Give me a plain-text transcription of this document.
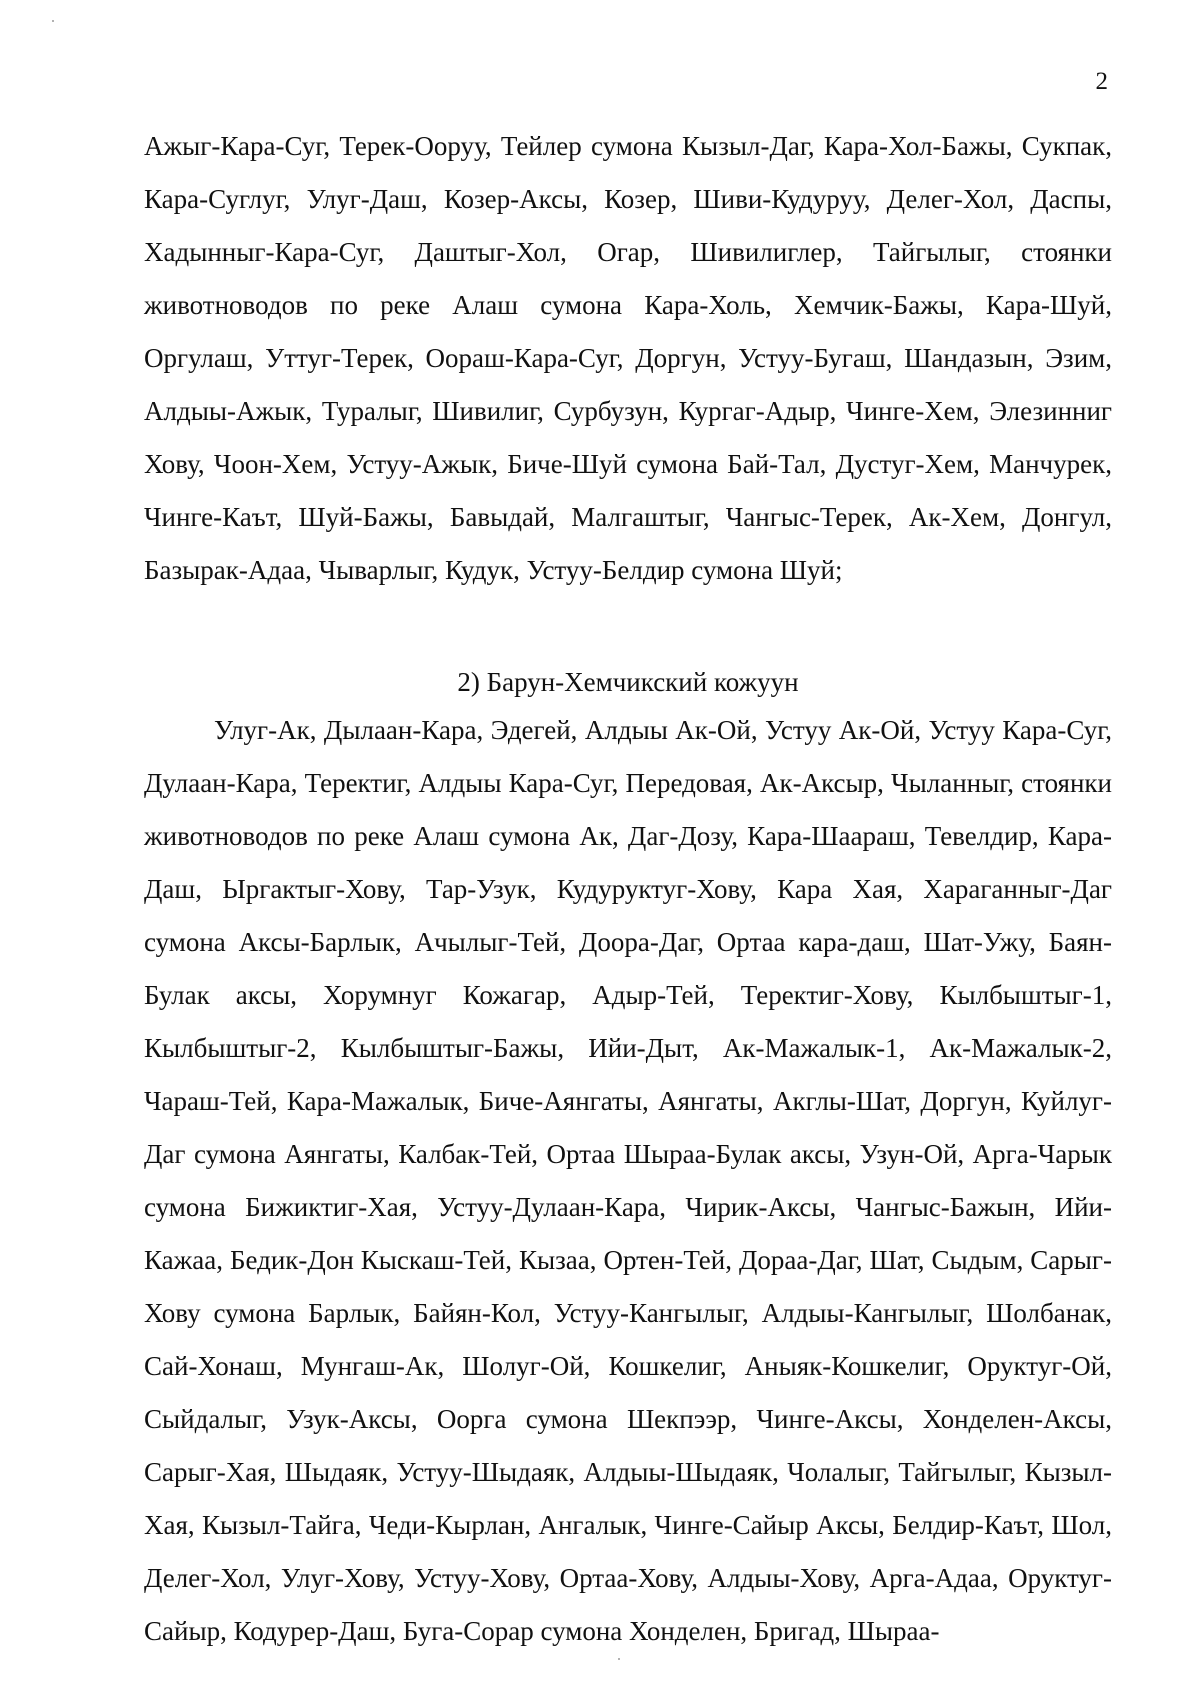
2

Ажыг-Кара-Суг, Терек-Ооруу, Тейлер сумона Кызыл-Даг, Кара-Хол-Бажы, Сукпак, Кара-Суглуг, Улуг-Даш, Козер-Аксы, Козер, Шиви-Кудуруу, Делег-Хол, Даспы, Хадынныг-Кара-Суг, Даштыг-Хол, Огар, Шивилиглер, Тайгылыг, стоянки животноводов по реке Алаш сумона Кара-Холь, Хемчик-Бажы, Кара-Шуй, Оргулаш, Уттуг-Терек, Оораш-Кара-Суг, Доргун, Устуу-Бугаш, Шандазын, Эзим, Алдыы-Ажык, Туралыг, Шивилиг, Сурбузун, Кургаг-Адыр, Чинге-Хем, Элезинниг Хову, Чоон-Хем, Устуу-Ажык, Биче-Шуй сумона Бай-Тал, Дустуг-Хем, Манчурек, Чинге-Каът, Шуй-Бажы, Бавыдай, Малгаштыг, Чангыс-Терек, Ак-Хем, Донгул, Базырак-Адаа, Чыварлыг, Кудук, Устуу-Белдир сумона Шуй;

2) Барун-Хемчикский кожуун

Улуг-Ак, Дылаан-Кара, Эдегей, Алдыы Ак-Ой, Устуу Ак-Ой, Устуу Кара-Суг, Дулаан-Кара, Теректиг, Алдыы Кара-Суг, Передовая, Ак-Аксыр, Чыланныг, стоянки животноводов по реке Алаш сумона Ак, Даг-Дозу, Кара-Шаараш, Тевелдир, Кара-Даш, Ыргактыг-Хову, Тар-Узук, Кудуруктуг-Хову, Кара Хая, Хараганныг-Даг сумона Аксы-Барлык, Ачылыг-Тей, Доора-Даг, Ортаа кара-даш, Шат-Ужу, Баян-Булак аксы, Хорумнуг Кожагар, Адыр-Тей, Теректиг-Хову, Кылбыштыг-1, Кылбыштыг-2, Кылбыштыг-Бажы, Ийи-Дыт, Ак-Мажалык-1, Ак-Мажалык-2, Чараш-Тей, Кара-Мажалык, Биче-Аянгаты, Аянгаты, Акглы-Шат, Доргун, Куйлуг-Даг сумона Аянгаты, Калбак-Тей, Ортаа Шыраа-Булак аксы, Узун-Ой, Арга-Чарык сумона Бижиктиг-Хая, Устуу-Дулаан-Кара, Чирик-Аксы, Чангыс-Бажын, Ийи-Кажаа, Бедик-Дон Кыскаш-Тей, Кызаа, Ортен-Тей, Дораа-Даг, Шат, Сыдым, Сарыг-Хову сумона Барлык, Байян-Кол, Устуу-Кангылыг, Алдыы-Кангылыг, Шолбанак, Сай-Хонаш, Мунгаш-Ак, Шолуг-Ой, Кошкелиг, Аныяк-Кошкелиг, Оруктуг-Ой, Сыйдалыг, Узук-Аксы, Оорга сумона Шекпээр, Чинге-Аксы, Хонделен-Аксы, Сарыг-Хая, Шыдаяк, Устуу-Шыдаяк, Алдыы-Шыдаяк, Чолалыг, Тайгылыг, Кызыл-Хая, Кызыл-Тайга, Чеди-Кырлан, Ангалык, Чинге-Сайыр Аксы, Белдир-Каът, Шол, Делег-Хол, Улуг-Хову, Устуу-Хову, Ортаа-Хову, Алдыы-Хову, Арга-Адаа, Оруктуг-Сайыр, Кодурер-Даш, Буга-Сорар сумона Хонделен, Бригад, Шыраа-
